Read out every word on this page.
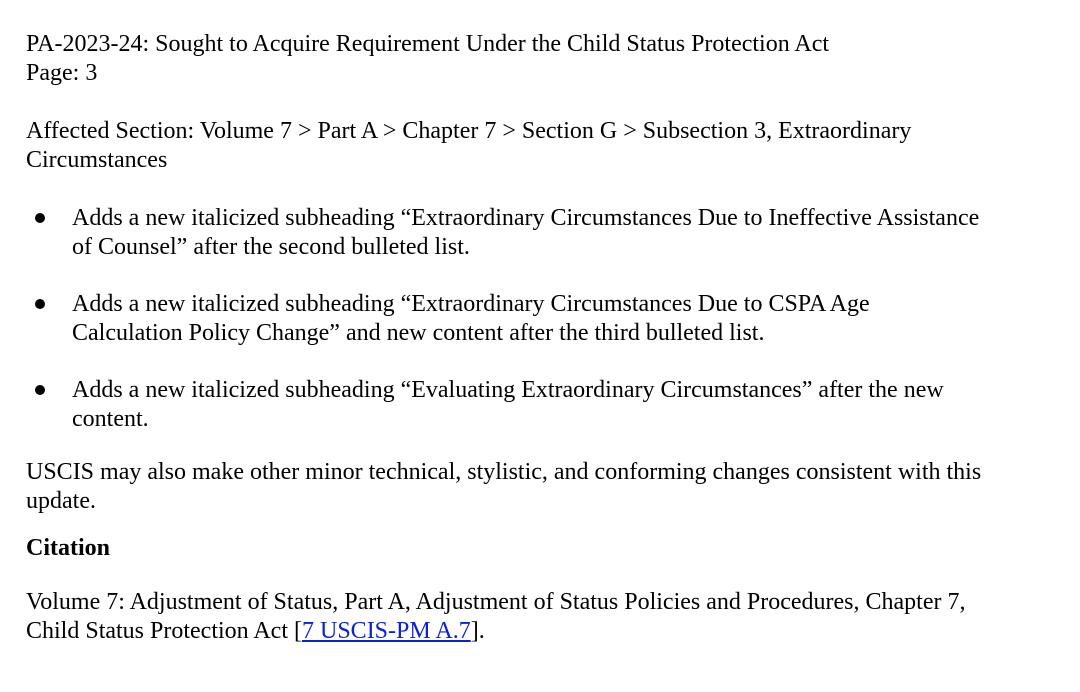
PA-2023-24: Sought to Acquire Requirement Under the Child Status Protection Act
Page: 3
Affected Section: Volume 7 > Part A > Chapter 7 > Section G > Subsection 3, Extraordinary
Circumstances
Adds a new italicized subheading “Extraordinary Circumstances Due to Ineffective Assistance
of Counsel” after the second bulleted list.
Adds a new italicized subheading “Extraordinary Circumstances Due to CSPA Age
Calculation Policy Change” and new content after the third bulleted list.
Adds a new italicized subheading “Evaluating Extraordinary Circumstances” after the new
content.
USCIS may also make other minor technical, stylistic, and conforming changes consistent with this
update.
Citation
Volume 7: Adjustment of Status, Part A, Adjustment of Status Policies and Procedures, Chapter 7,
Child Status Protection Act [7 USCIS-PM A.7].
